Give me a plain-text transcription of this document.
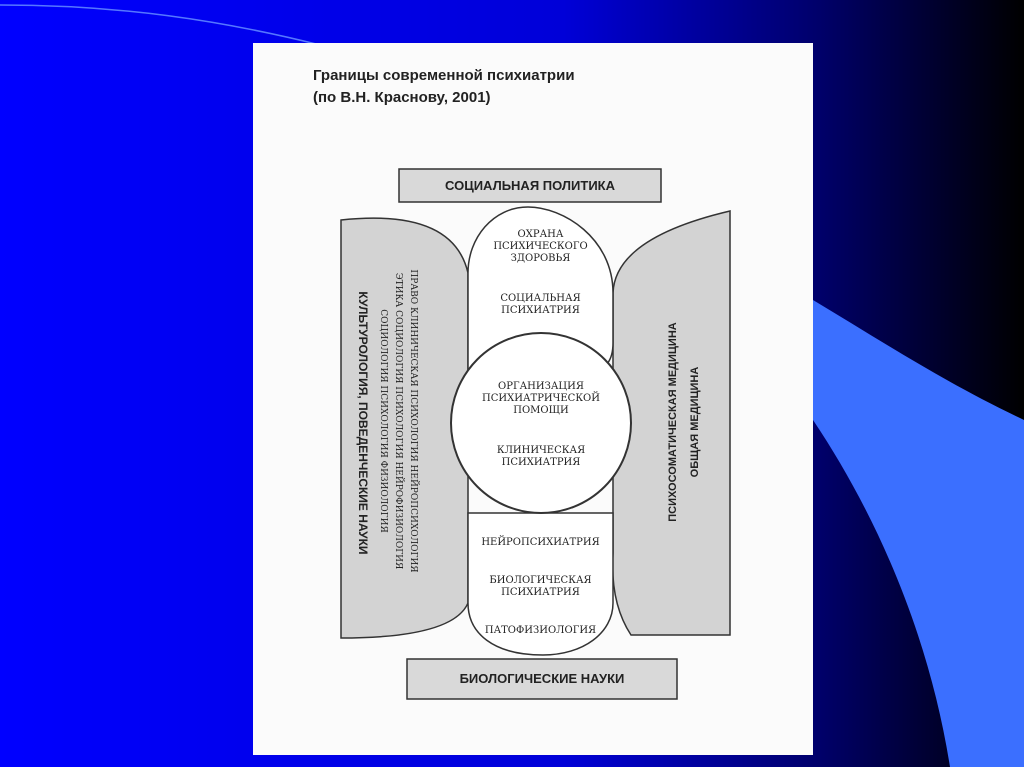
Границы современной психиатрии
(по В.Н. Краснову, 2001)
СОЦИАЛЬНАЯ ПОЛИТИКА
БИОЛОГИЧЕСКИЕ НАУКИ
ОХРАНА
ПСИХИЧЕСКОГО
ЗДОРОВЬЯ
СОЦИАЛЬНАЯ
ПСИХИАТРИЯ
ОРГАНИЗАЦИЯ
ПСИХИАТРИЧЕСКОЙ
ПОМОЩИ
КЛИНИЧЕСКАЯ
ПСИХИАТРИЯ
НЕЙРОПСИХИАТРИЯ
БИОЛОГИЧЕСКАЯ
ПСИХИАТРИЯ
ПАТОФИЗИОЛОГИЯ
КУЛЬТУРОЛОГИЯ, ПОВЕДЕНЧЕСКИЕ НАУКИ СОЦИОЛОГИЯ ПСИХОЛОГИЯ ФИЗИОЛОГИЯ ЭТИКА СОЦИОЛОГИЯ ПСИХОЛОГИЯ НЕЙРОФИЗИОЛОГИЯ ПРАВО КЛИНИЧЕСКАЯ ПСИХОЛОГИЯ НЕЙРОПСИХОЛОГИЯ	ПСИХОСОМАТИЧЕСКАЯ МЕДИЦИНА ОБЩАЯ МЕДИЦИНА
